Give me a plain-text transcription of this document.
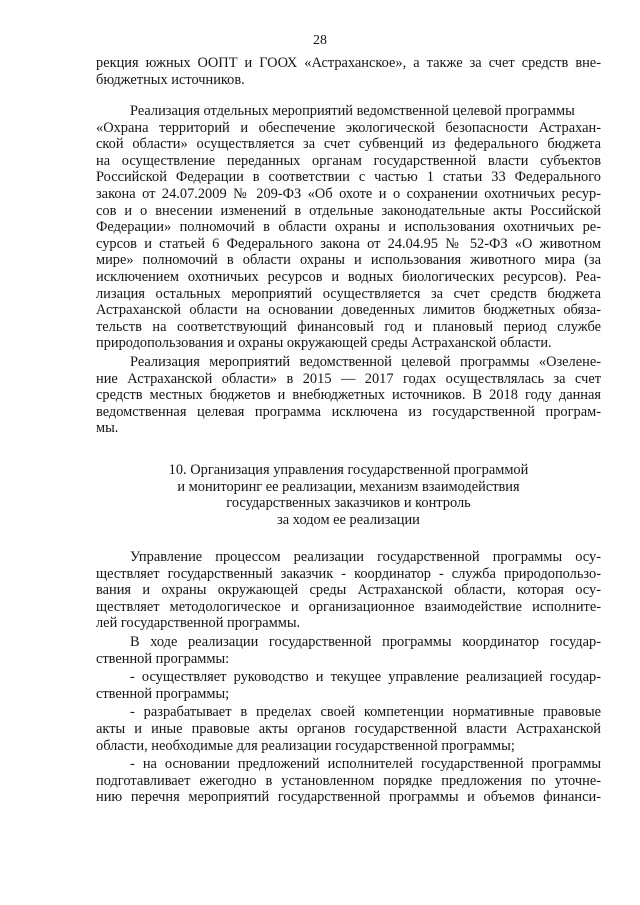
28
рекция южных ООПТ и ГООХ «Астраханское», а также за счет средств вне-
бюджетных источников.
Реализация отдельных мероприятий ведомственной целевой программы
«Охрана территорий и обеспечение экологической безопасности Астрахан-
ской области» осуществляется за счет субвенций из федерального бюджета
на осуществление переданных органам государственной власти субъектов
Российской Федерации в соответствии с частью 1 статьи 33 Федерального
закона от 24.07.2009 № 209-ФЗ «Об охоте и о сохранении охотничьих ресур-
сов и о внесении изменений в отдельные законодательные акты Российской
Федерации» полномочий в области охраны и использования охотничьих ре-
сурсов и статьей 6 Федерального закона от 24.04.95 № 52-ФЗ «О животном
мире» полномочий в области охраны и использования животного мира (за
исключением охотничьих ресурсов и водных биологических ресурсов). Реа-
лизация остальных мероприятий осуществляется за счет средств бюджета
Астраханской области на основании доведенных лимитов бюджетных обяза-
тельств на соответствующий финансовый год и плановый период службе
природопользования и охраны окружающей среды Астраханской области.
Реализация мероприятий ведомственной целевой программы «Озелене-
ние Астраханской области» в 2015 — 2017 годах осуществлялась за счет
средств местных бюджетов и внебюджетных источников. В 2018 году данная
ведомственная целевая программа исключена из государственной програм-
мы.
10. Организация управления государственной программой
и мониторинг ее реализации, механизм взаимодействия
государственных заказчиков и контроль
за ходом ее реализации
Управление процессом реализации государственной программы осу-
ществляет государственный заказчик - координатор - служба природопользо-
вания и охраны окружающей среды Астраханской области, которая осу-
ществляет методологическое и организационное взаимодействие исполните-
лей государственной программы.
В ходе реализации государственной программы координатор государ-
ственной программы:
- осуществляет руководство и текущее управление реализацией государ-
ственной программы;
- разрабатывает в пределах своей компетенции нормативные правовые
акты и иные правовые акты органов государственной власти Астраханской
области, необходимые для реализации государственной программы;
- на основании предложений исполнителей государственной программы
подготавливает ежегодно в установленном порядке предложения по уточне-
нию перечня мероприятий государственной программы и объемов финанси-
